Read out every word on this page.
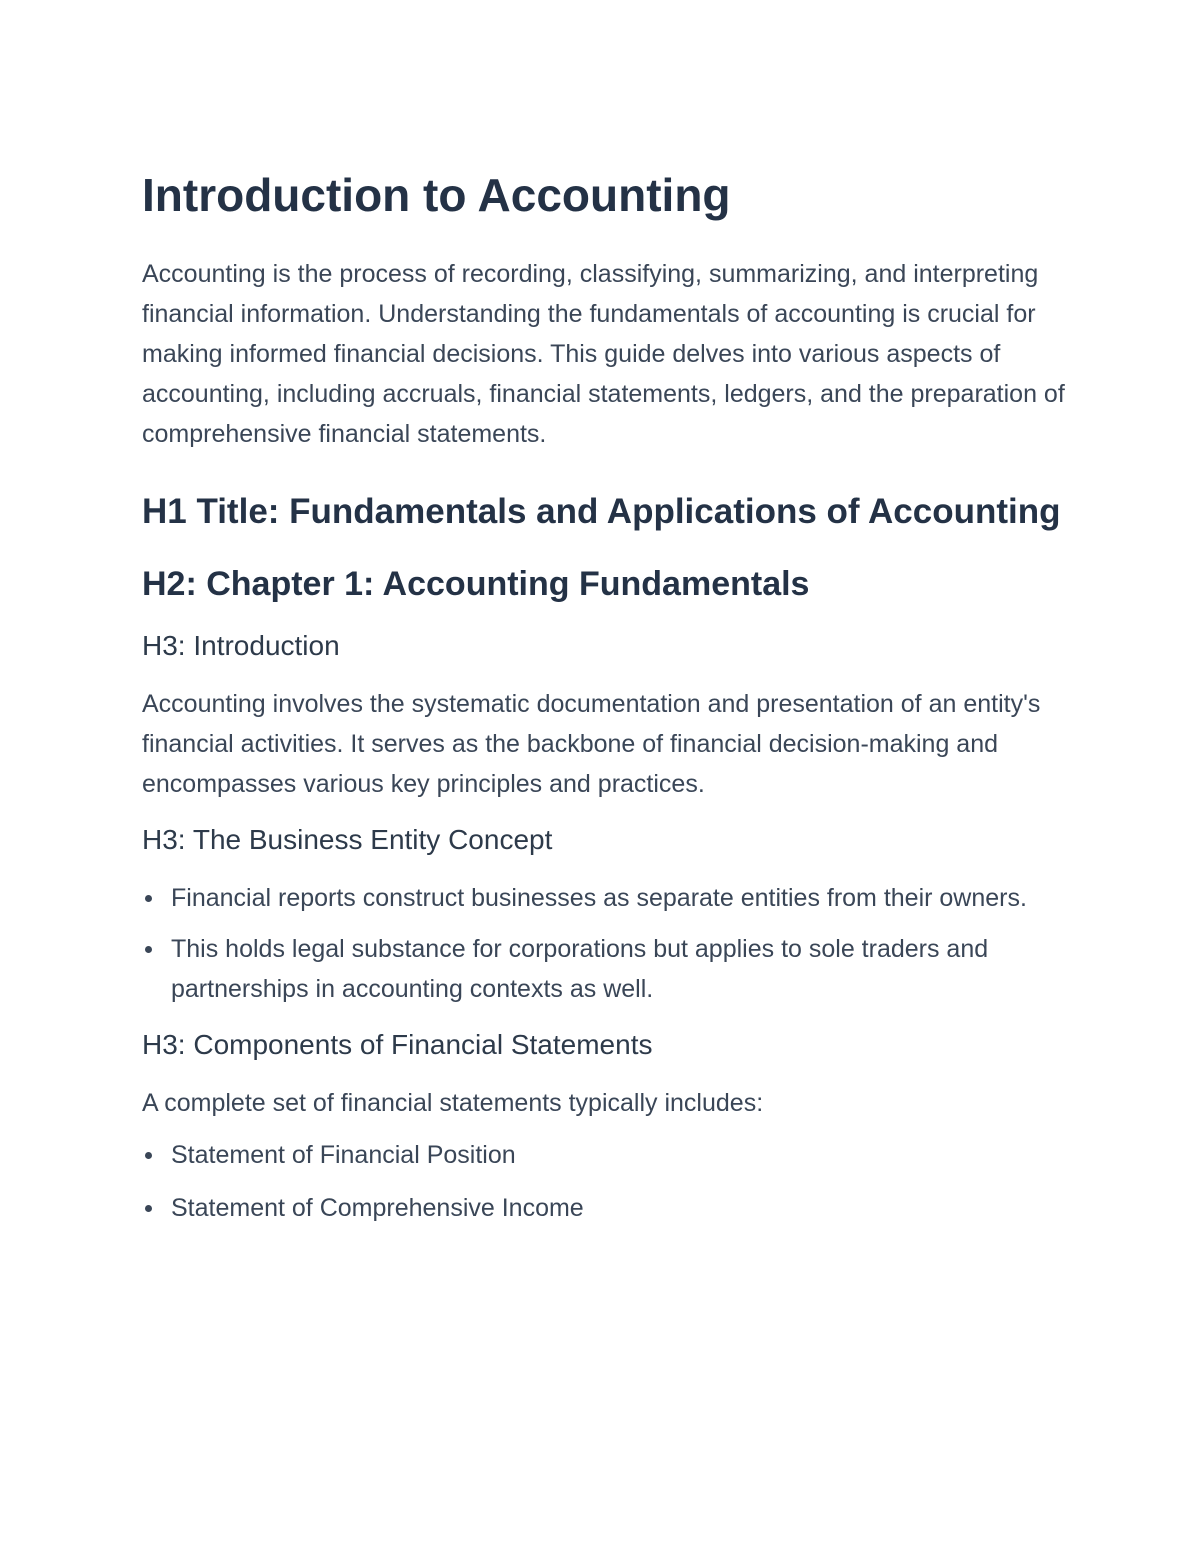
Introduction to Accounting

Accounting is the process of recording, classifying, summarizing, and interpreting financial information. Understanding the fundamentals of accounting is crucial for making informed financial decisions. This guide delves into various aspects of accounting, including accruals, financial statements, ledgers, and the preparation of comprehensive financial statements.

H1 Title: Fundamentals and Applications of Accounting
H2: Chapter 1: Accounting Fundamentals
H3: Introduction

Accounting involves the systematic documentation and presentation of an entity's financial activities. It serves as the backbone of financial decision-making and encompasses various key principles and practices.

H3: The Business Entity Concept
Financial reports construct businesses as separate entities from their owners.
This holds legal substance for corporations but applies to sole traders and partnerships in accounting contexts as well.
H3: Components of Financial Statements

A complete set of financial statements typically includes:

Statement of Financial Position
Statement of Comprehensive Income
